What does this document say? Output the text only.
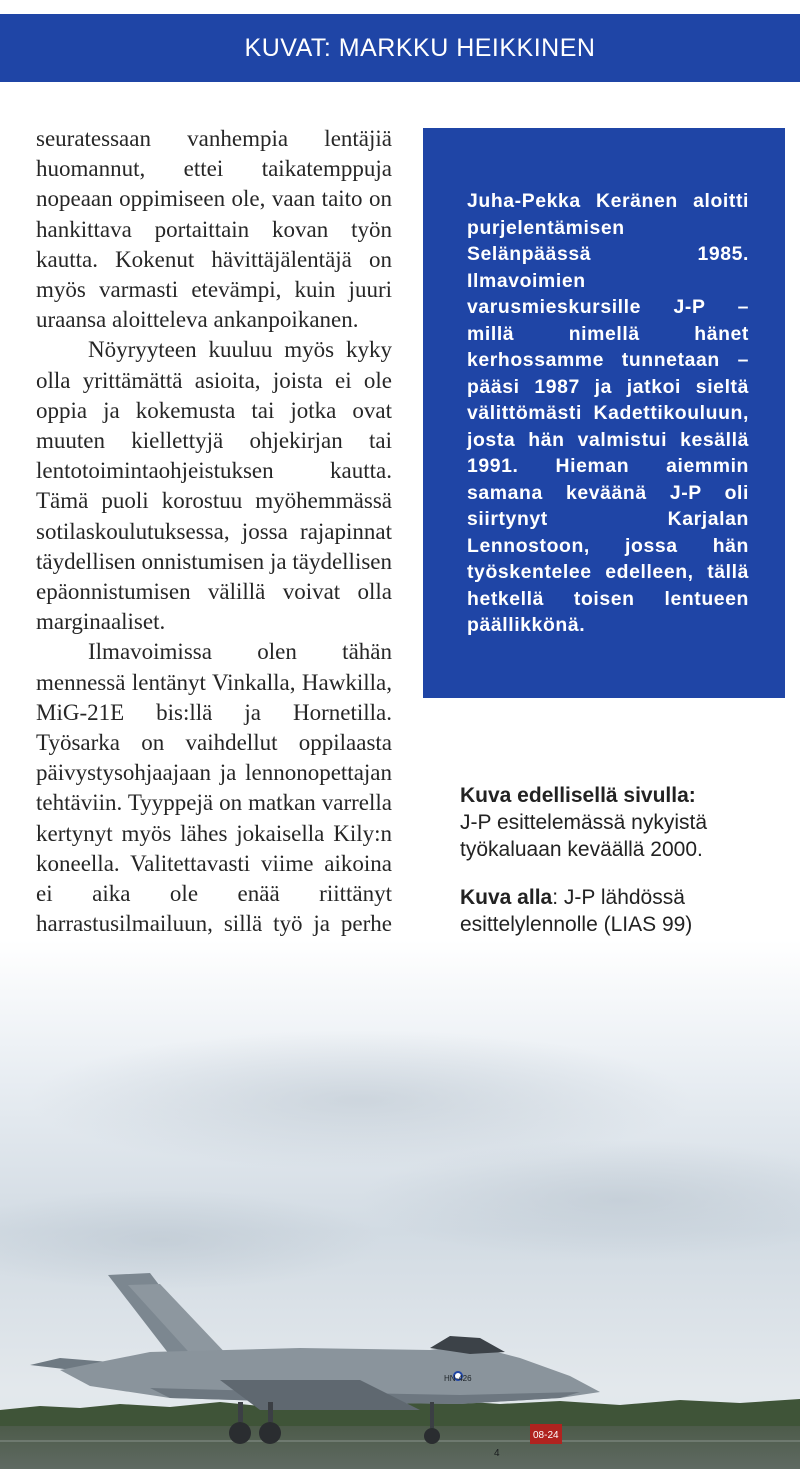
KUVAT: MARKKU HEIKKINEN

seuratessaan vanhempia lentäjiä huomannut, ettei taikatemppuja nopeaan oppimiseen ole, vaan taito on hankittava portaittain kovan työn kautta. Kokenut hävittäjälentäjä on myös varmasti etevämpi, kuin juuri uraansa aloitteleva ankanpoikanen.

Nöyryyteen kuuluu myös kyky olla yrittämättä asioita, joista ei ole oppia ja kokemusta tai jotka ovat muuten kiellettyjä ohjekirjan tai lentotoimintaohjeistuksen kautta. Tämä puoli korostuu myöhemmässä sotilaskoulutuksessa, jossa rajapinnat täydellisen onnistumisen ja täydellisen epäonnistumisen välillä voivat olla marginaaliset.

Ilmavoimissa olen tähän mennessä lentänyt Vinkalla, Hawkilla, MiG-21E bis:llä ja Hornetilla. Työsarka on vaihdellut oppilaasta päivystysohjaajaan ja lennonopettajan tehtäviin. Tyyppejä on matkan varrella kertynyt myös lähes jokaisella Kily:n koneella. Valitettavasti viime aikoina ei aika ole enää riittänyt harrastusilmailuun, sillä työ ja perhe

Juha-Pekka Keränen aloitti purjelentämisen Selänpäässä 1985. Ilmavoimien varusmieskursille J-P – millä nimellä hänet kerhossamme tunnetaan – pääsi 1987 ja jatkoi sieltä välittömästi Kadettikouluun, josta hän valmistui kesällä 1991. Hieman aiemmin samana keväänä J-P oli siirtynyt Karjalan Lennostoon, jossa hän työskentelee edelleen, tällä hetkellä toisen lentueen päällikkönä.

Kuva edellisellä sivulla:
J-P esittelemässä nykyistä työkaluaan keväällä 2000.

Kuva alla: J-P lähdössä esittelylennolle (LIAS 99)

HN-426
08-24
4
